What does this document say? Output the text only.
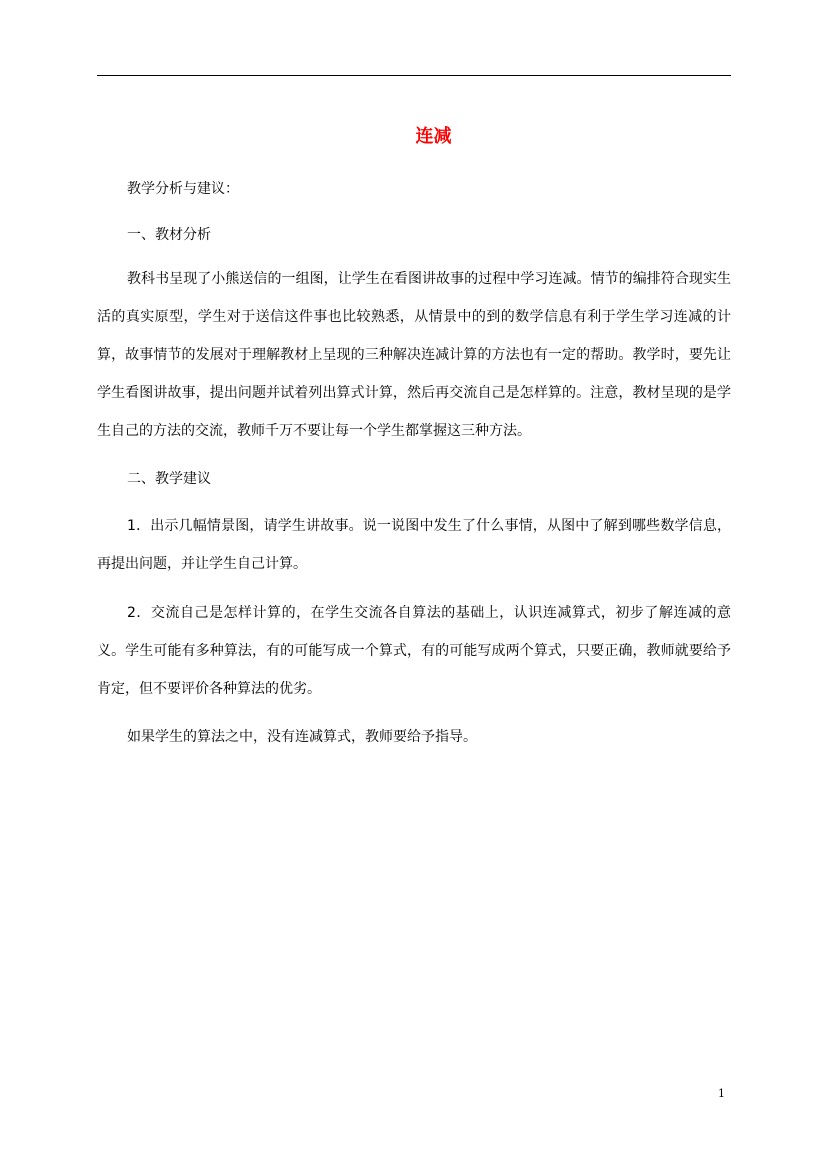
连减

教学分析与建议：

一、教材分析

教科书呈现了小熊送信的一组图，让学生在看图讲故事的过程中学习连减。情节的编排符合现实生活的真实原型，学生对于送信这件事也比较熟悉，从情景中的到的数学信息有利于学生学习连减的计算，故事情节的发展对于理解教材上呈现的三种解决连减计算的方法也有一定的帮助。教学时，要先让学生看图讲故事，提出问题并试着列出算式计算，然后再交流自己是怎样算的。注意，教材呈现的是学生自己的方法的交流，教师千万不要让每一个学生都掌握这三种方法。

二、教学建议

1．出示几幅情景图，请学生讲故事。说一说图中发生了什么事情，从图中了解到哪些数学信息，再提出问题，并让学生自己计算。

2．交流自己是怎样计算的，在学生交流各自算法的基础上，认识连减算式，初步了解连减的意义。学生可能有多种算法，有的可能写成一个算式，有的可能写成两个算式，只要正确，教师就要给予肯定，但不要评价各种算法的优劣。

如果学生的算法之中，没有连减算式，教师要给予指导。

1
